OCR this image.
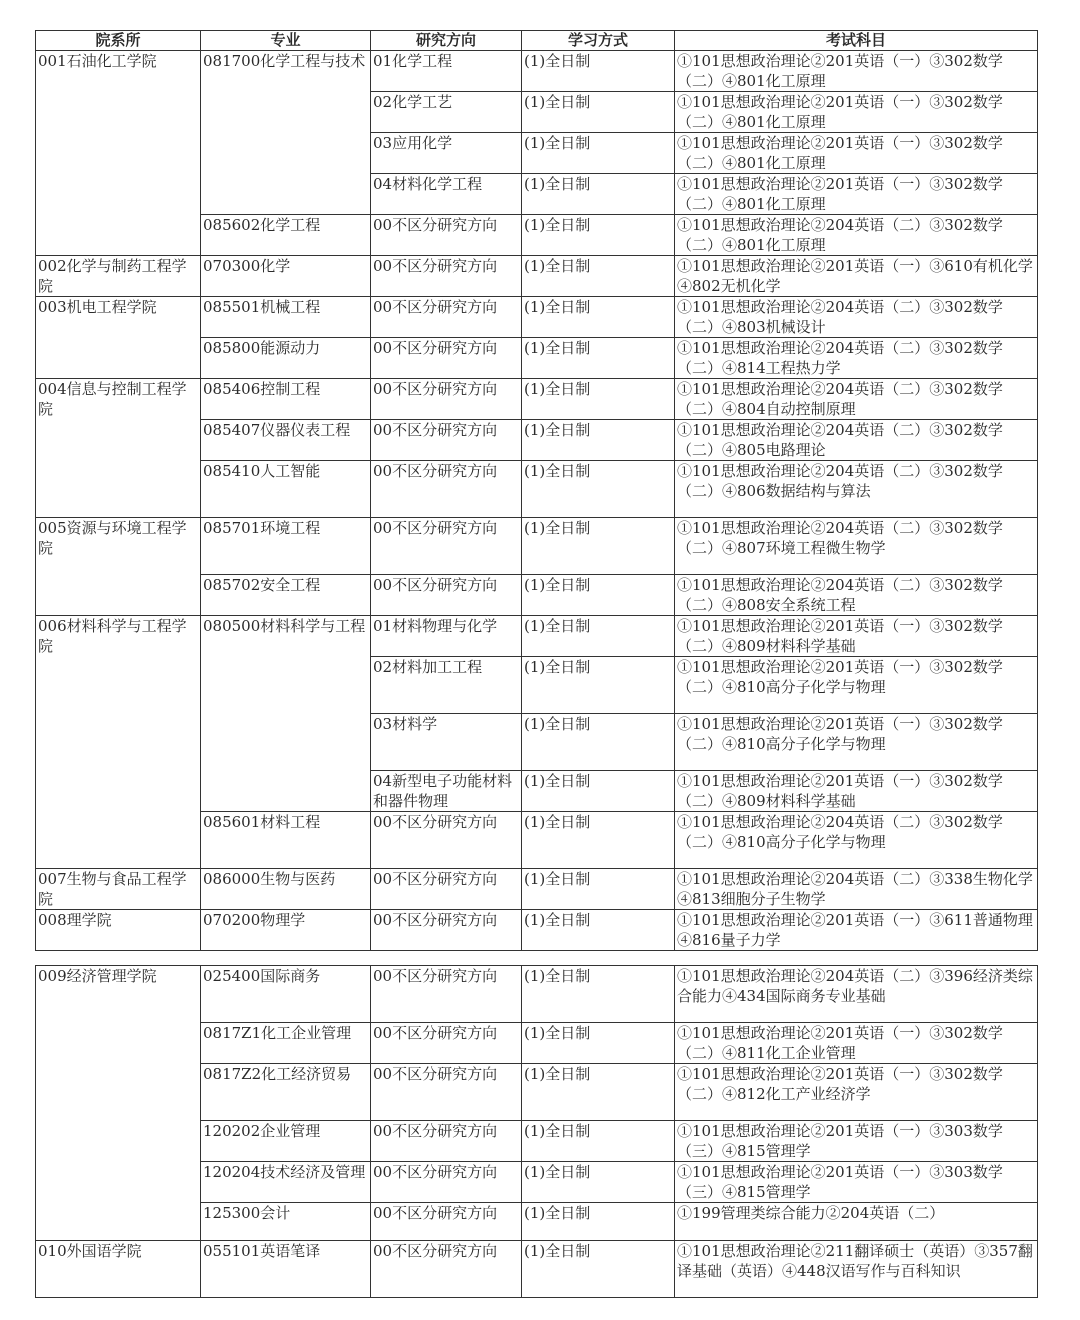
院系所	专业	研究方向	学习方式	考试科目
001石油化工学院	081700化学工程与技术	01化学工程	(1)全日制	①101思想政治理论②201英语（一）③302数学（二）④801化工原理
		02化学工艺	(1)全日制	①101思想政治理论②201英语（一）③302数学（二）④801化工原理
		03应用化学	(1)全日制	①101思想政治理论②201英语（一）③302数学（二）④801化工原理
		04材料化学工程	(1)全日制	①101思想政治理论②201英语（一）③302数学（二）④801化工原理
	085602化学工程	00不区分研究方向	(1)全日制	①101思想政治理论②204英语（二）③302数学（二）④801化工原理
002化学与制药工程学院	070300化学	00不区分研究方向	(1)全日制	①101思想政治理论②201英语（一）③610有机化学④802无机化学
003机电工程学院	085501机械工程	00不区分研究方向	(1)全日制	①101思想政治理论②204英语（二）③302数学（二）④803机械设计
	085800能源动力	00不区分研究方向	(1)全日制	①101思想政治理论②204英语（二）③302数学（二）④814工程热力学
004信息与控制工程学院	085406控制工程	00不区分研究方向	(1)全日制	①101思想政治理论②204英语（二）③302数学（二）④804自动控制原理
	085407仪器仪表工程	00不区分研究方向	(1)全日制	①101思想政治理论②204英语（二）③302数学（二）④805电路理论
	085410人工智能	00不区分研究方向	(1)全日制	①101思想政治理论②204英语（二）③302数学（二）④806数据结构与算法
005资源与环境工程学院	085701环境工程	00不区分研究方向	(1)全日制	①101思想政治理论②204英语（二）③302数学（二）④807环境工程微生物学
	085702安全工程	00不区分研究方向	(1)全日制	①101思想政治理论②204英语（二）③302数学（二）④808安全系统工程
006材料科学与工程学院	080500材料科学与工程	01材料物理与化学	(1)全日制	①101思想政治理论②201英语（一）③302数学（二）④809材料科学基础
		02材料加工工程	(1)全日制	①101思想政治理论②201英语（一）③302数学（二）④810高分子化学与物理
		03材料学	(1)全日制	①101思想政治理论②201英语（一）③302数学（二）④810高分子化学与物理
		04新型电子功能材料和器件物理	(1)全日制	①101思想政治理论②201英语（一）③302数学（二）④809材料科学基础
	085601材料工程	00不区分研究方向	(1)全日制	①101思想政治理论②204英语（二）③302数学（二）④810高分子化学与物理
007生物与食品工程学院	086000生物与医药	00不区分研究方向	(1)全日制	①101思想政治理论②204英语（二）③338生物化学④813细胞分子生物学
008理学院	070200物理学	00不区分研究方向	(1)全日制	①101思想政治理论②201英语（一）③611普通物理④816量子力学
009经济管理学院	025400国际商务	00不区分研究方向	(1)全日制	①101思想政治理论②204英语（二）③396经济类综合能力④434国际商务专业基础
	0817Z1化工企业管理	00不区分研究方向	(1)全日制	①101思想政治理论②201英语（一）③302数学（二）④811化工企业管理
	0817Z2化工经济贸易	00不区分研究方向	(1)全日制	①101思想政治理论②201英语（一）③302数学（二）④812化工产业经济学
	120202企业管理	00不区分研究方向	(1)全日制	①101思想政治理论②201英语（一）③303数学（三）④815管理学
	120204技术经济及管理	00不区分研究方向	(1)全日制	①101思想政治理论②201英语（一）③303数学（三）④815管理学
	125300会计	00不区分研究方向	(1)全日制	①199管理类综合能力②204英语（二）
010外国语学院	055101英语笔译	00不区分研究方向	(1)全日制	①101思想政治理论②211翻译硕士（英语）③357翻译基础（英语）④448汉语写作与百科知识
